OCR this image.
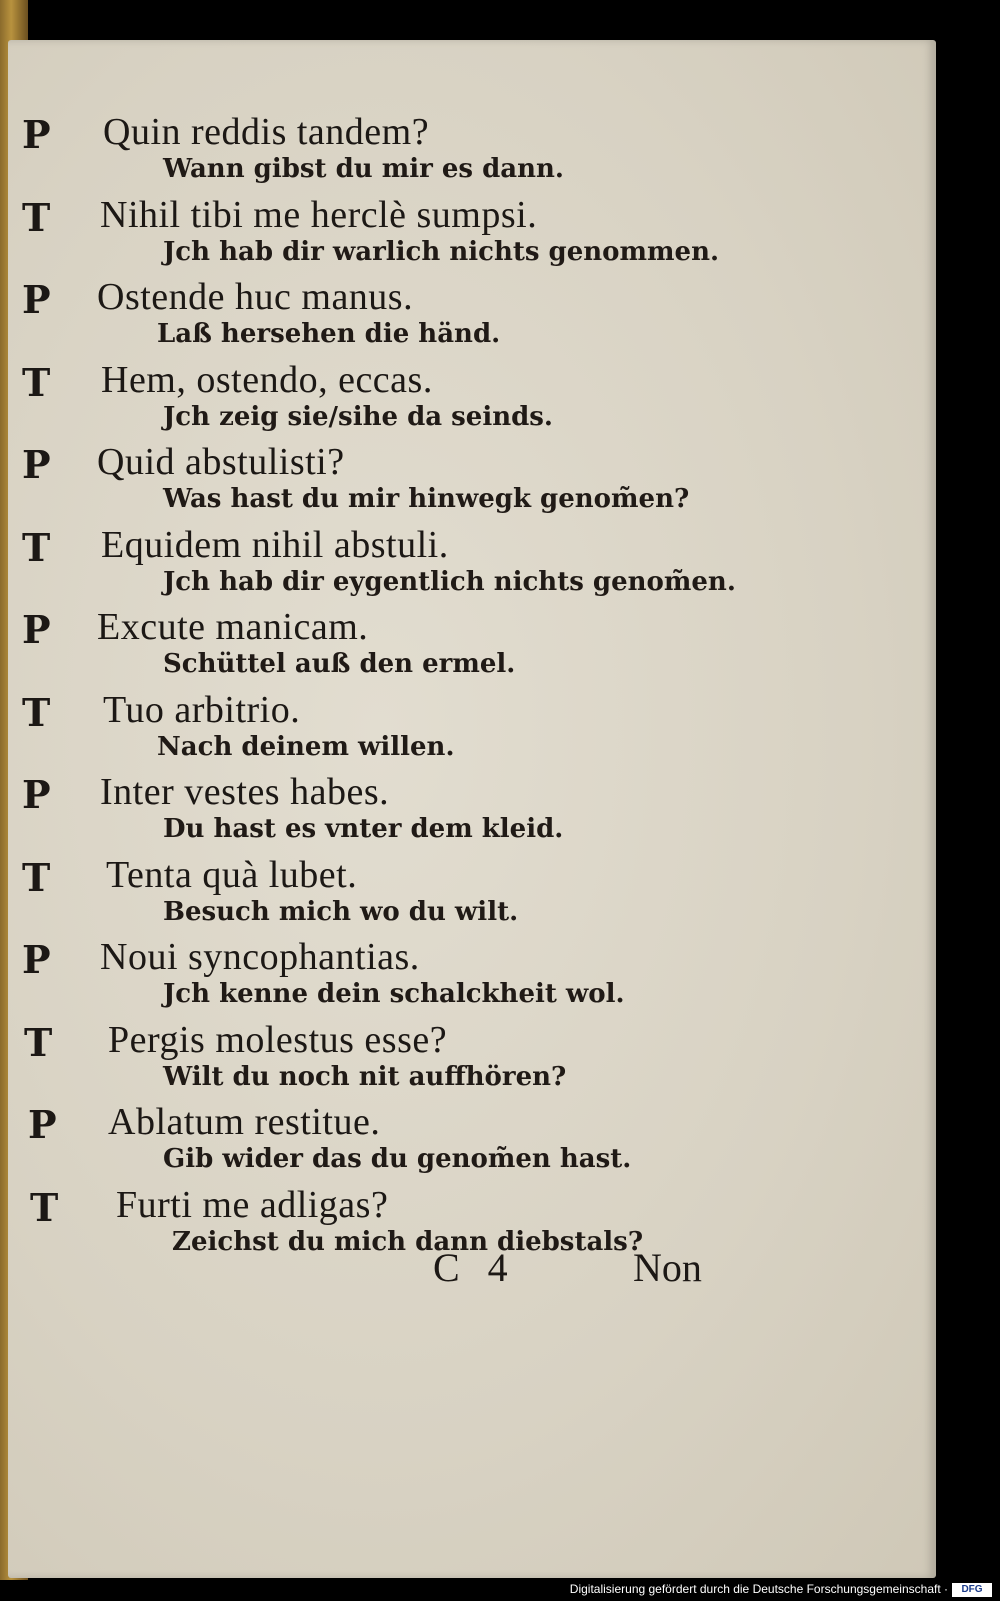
P Quin reddis tandem?
Wann gibst du mir es dann.
T Nihil tibi me herclè sumpsi.
Jch hab dir warlich nichts genommen.
P Ostende huc manus.
Laß hersehen die händ.
T Hem, ostendo, eccas.
Jch zeig sie/sihe da seinds.
P Quid abstulisti?
Was hast du mir hinwegk genom̃en?
T Equidem nihil abstuli.
Jch hab dir eygentlich nichts genom̃en.
P Excute manicam.
Schüttel auß den ermel.
T Tuo arbitrio.
Nach deinem willen.
P Inter vestes habes.
Du hast es vnter dem kleid.
T Tenta quà lubet.
Besuch mich wo du wilt.
P Noui syncophantias.
Jch kenne dein schalckheit wol.
T Pergis molestus esse?
Wilt du noch nit auffhören?
P Ablatum restitue.
Gib wider das du genom̃en hast.
T Furti me adligas?
Zeichst du mich dann diebstals?
C 4	Non
Digitalisierung gefördert durch die Deutsche Forschungsgemeinschaft ·	DFG
